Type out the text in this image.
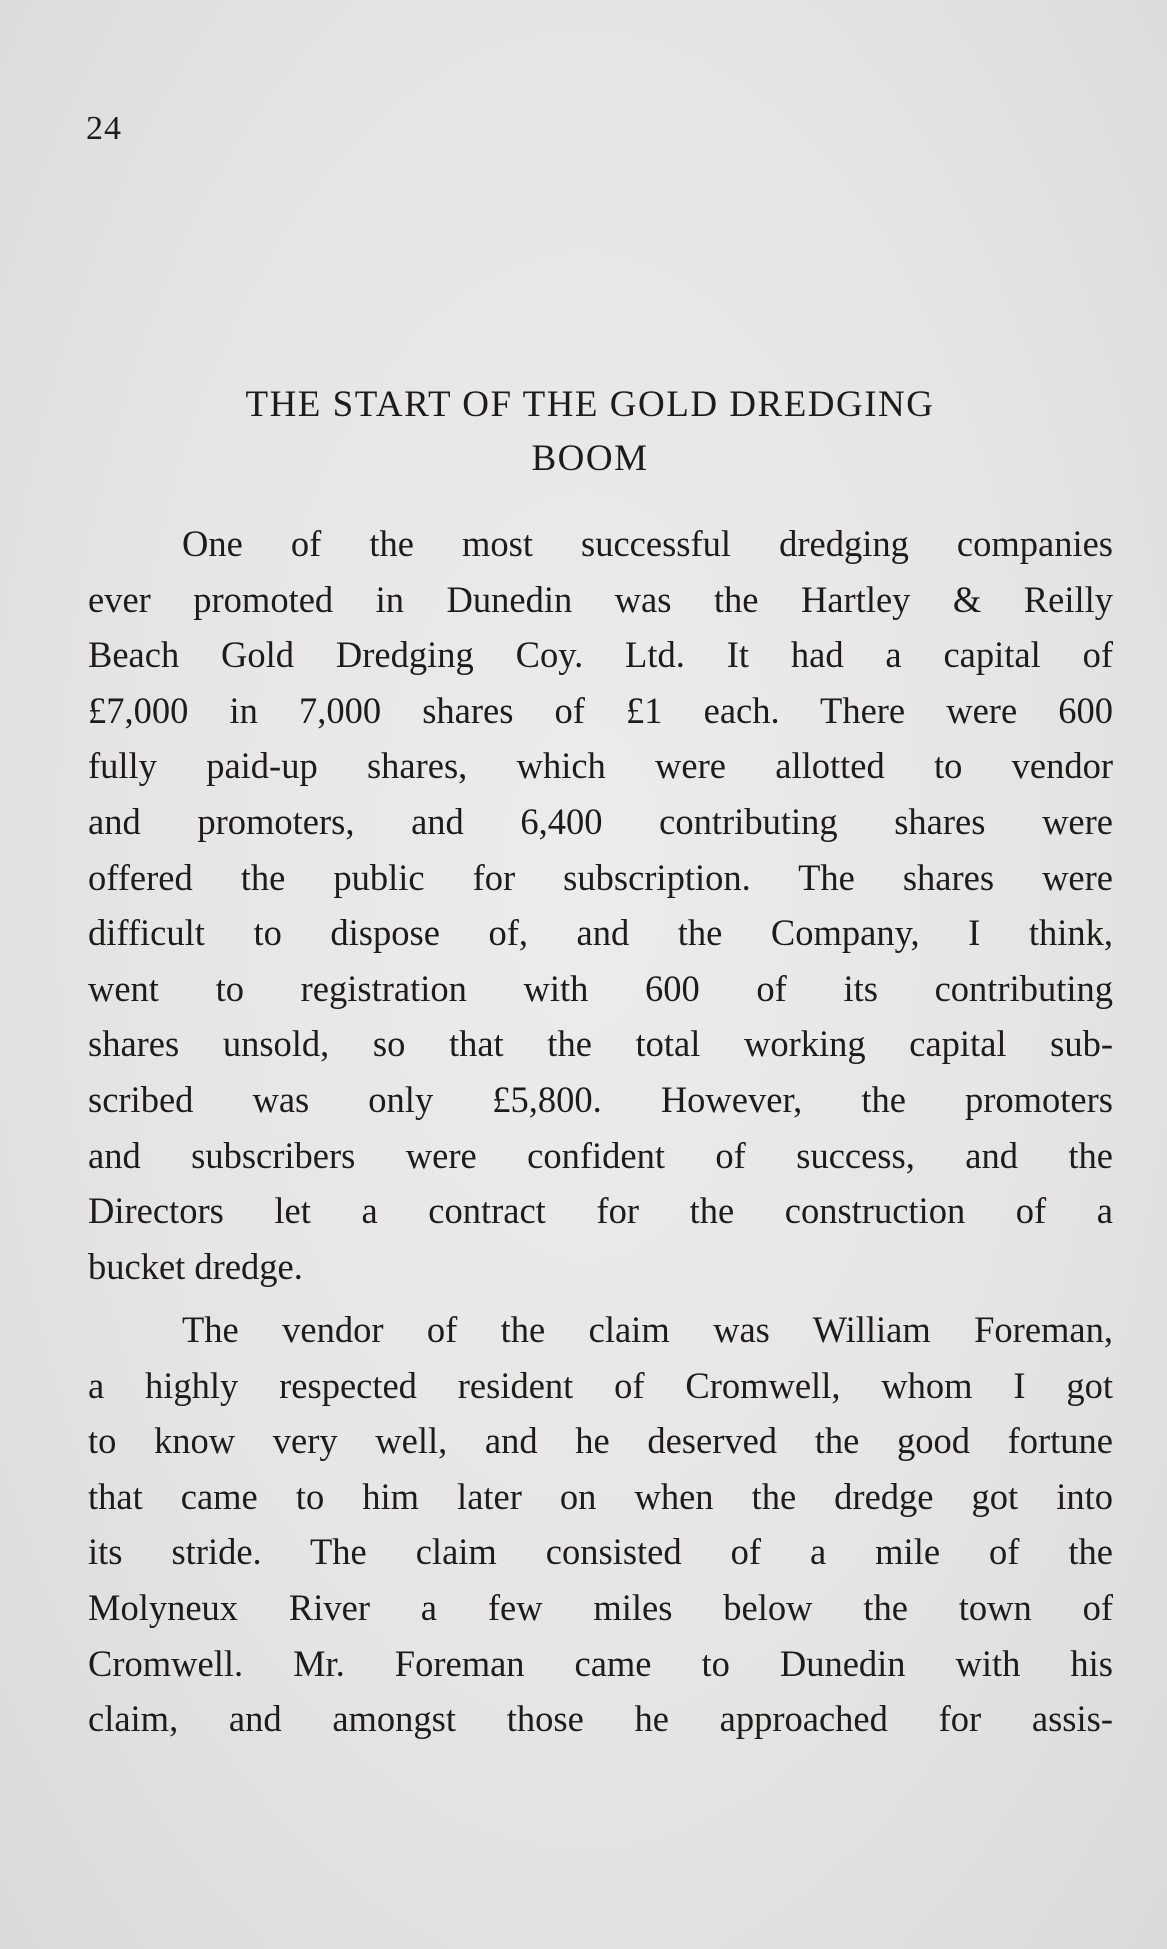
24
THE START OF THE GOLD DREDGING
BOOM
One of the most successful dredging companies
ever promoted in Dunedin was the Hartley & Reilly
Beach Gold Dredging Coy. Ltd. It had a capital of
£7,000 in 7,000 shares of £1 each. There were 600
fully paid-up shares, which were allotted to vendor
and promoters, and 6,400 contributing shares were
offered the public for subscription. The shares were
difficult to dispose of, and the Company, I think,
went to registration with 600 of its contributing
shares unsold, so that the total working capital sub-
scribed was only £5,800. However, the promoters
and subscribers were confident of success, and the
Directors let a contract for the construction of a
bucket dredge.
The vendor of the claim was William Foreman,
a highly respected resident of Cromwell, whom I got
to know very well, and he deserved the good fortune
that came to him later on when the dredge got into
its stride. The claim consisted of a mile of the
Molyneux River a few miles below the town of
Cromwell. Mr. Foreman came to Dunedin with his
claim, and amongst those he approached for assis-
